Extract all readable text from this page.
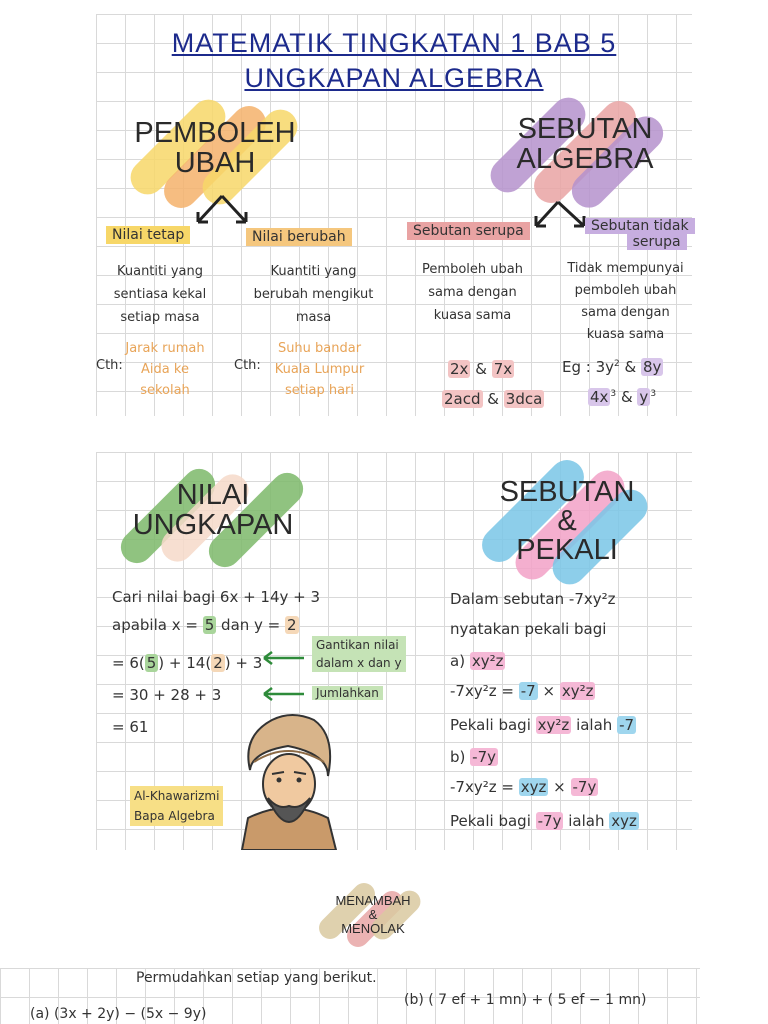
MATEMATIK TINGKATAN 1 BAB 5
UNGKAPAN ALGEBRA
PEMBOLEH
UBAH
SEBUTAN
ALGEBRA
Nilai tetap	Nilai berubah	Sebutan serupa	Sebutan tidak
serupa
Kuantiti yang
sentiasa kekal
setiap masa
Kuantiti yang
berubah mengikut
masa
Pemboleh ubah
sama dengan
kuasa sama
Tidak mempunyai
pemboleh ubah
sama dengan
kuasa sama
Cth:
Jarak rumah
Aida ke
sekolah
Cth:
Suhu bandar
Kuala Lumpur
setiap hari
2x & 7x
2acd & 3dca
Eg : $3y^2$ & 8y
4x $^3$ & y $^3$
NILAI
UNGKAPAN
SEBUTAN
&
PEKALI
Cari nilai bagi 6x + 14y + 3
apabila x = 5 dan y = 2
= 6( 5 ) + 14( 2 ) + 3
Gantikan nilai
dalam x dan y
= 30 + 28 + 3	Jumlahkan
= 61
Al-Khawarizmi
Bapa Algebra
Dalam sebutan -7xy²z
nyatakan pekali bagi
a) xy²z
-7xy²z = -7 × xy²z
Pekali bagi xy²z ialah -7
b) -7y
-7xy²z = xyz × -7y
Pekali bagi -7y ialah xyz
MENAMBAH
&
MENOLAK
Permudahkan setiap yang berikut.
(a) (3x + 2y) − (5x − 9y)
(b) ( 7 ef + 1 mn) + ( 5 ef − 1 mn)
